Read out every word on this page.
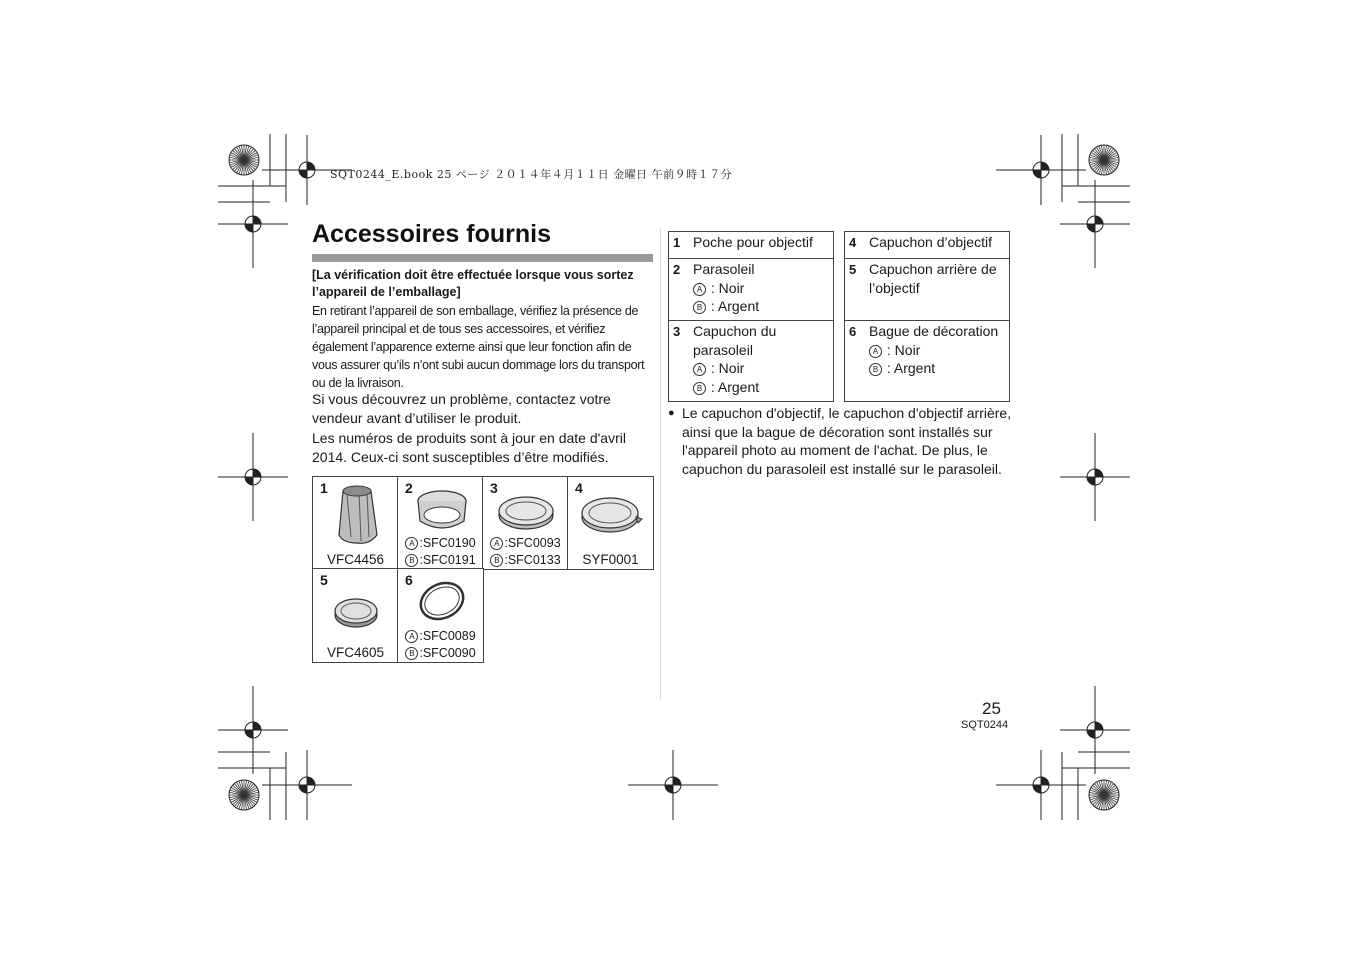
SQT0244_E.book 25 ページ ２０１４年４月１１日 金曜日 午前９時１７分
Accessoires fournis
[La vérification doit être effectuée lorsque vous sortez l’appareil de l’emballage]
En retirant l’appareil de son emballage, vérifiez la présence de l’appareil principal et de tous ses accessoires, et vérifiez également l’apparence externe ainsi que leur fonction afin de vous assurer qu’ils n’ont subi aucun dommage lors du transport ou de la livraison.
Si vous découvrez un problème, contactez votre vendeur avant d’utiliser le produit.
Les numéros de produits sont à jour en date d'avril 2014. Ceux-ci sont susceptibles d’être modifiés.
1
VFC4456
2
A :SFC0190
B :SFC0191
3
A :SFC0093
B :SFC0133
4
SYF0001
5
VFC4605
6
A :SFC0089
B :SFC0090
1 Poche pour objectif
2 Parasoleil
A : Noir
B : Argent
3 Capuchon du
parasoleil
A : Noir
B : Argent
4 Capuchon d’objectif
5 Capuchon arrière de
l’objectif
6 Bague de décoration
A : Noir
B : Argent
● Le capuchon d'objectif, le capuchon d'objectif arrière, ainsi que la bague de décoration sont installés sur l'appareil photo au moment de l'achat. De plus, le capuchon du parasoleil est installé sur le parasoleil.
25
SQT0244
